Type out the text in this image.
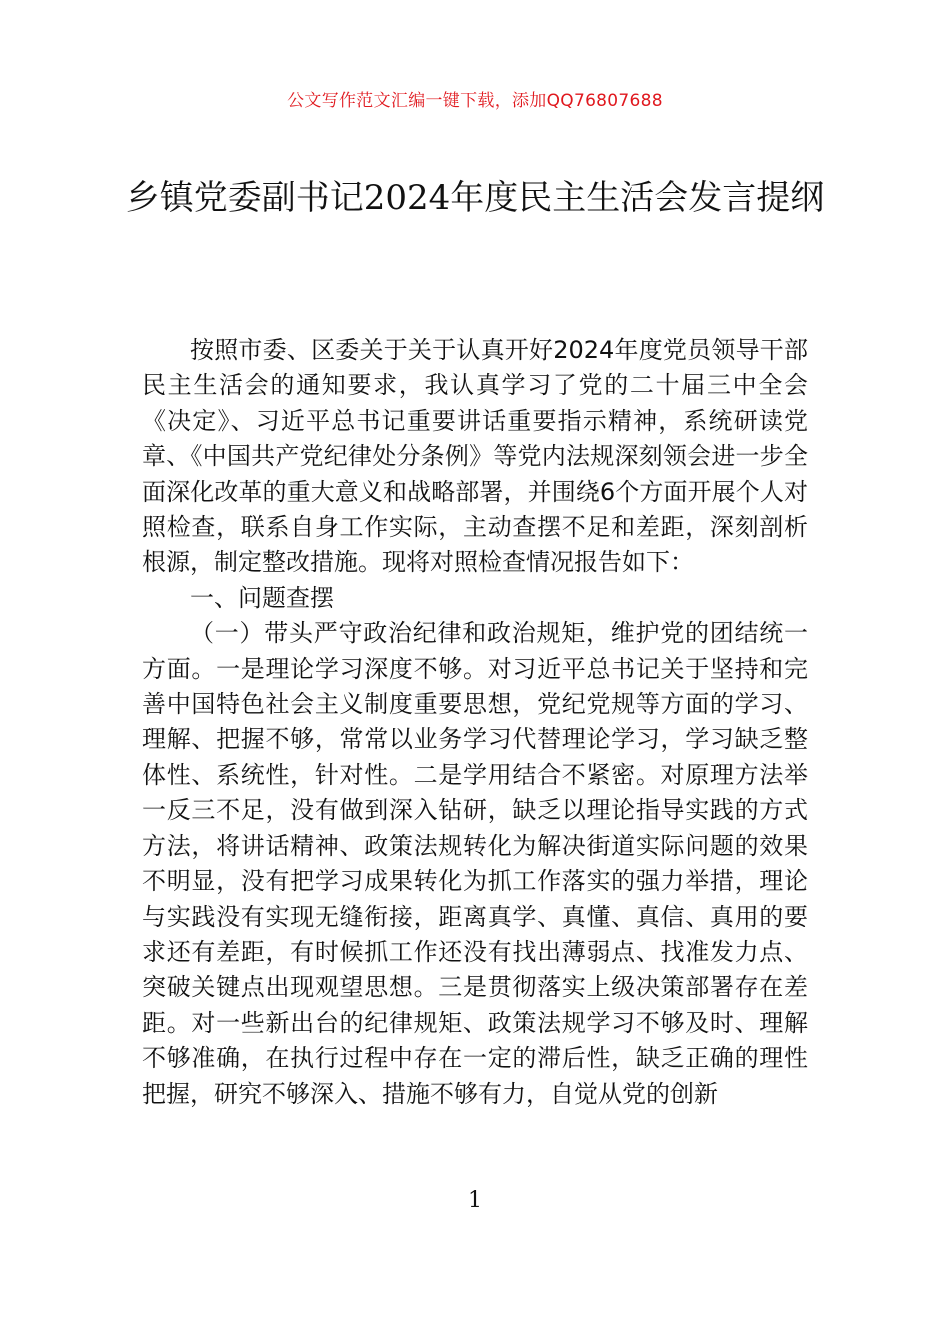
公文写作范文汇编一键下载，添加QQ76807688
乡镇党委副书记2024年度民主生活会发言提纲

按照市委、区委关于关于认真开好2024年度党员领导干部民主生活会的通知要求，我认真学习了党的二十届三中全会《决定》、习近平总书记重要讲话重要指示精神，系统研读党章、《中国共产党纪律处分条例》等党内法规深刻领会进一步全面深化改革的重大意义和战略部署，并围绕6个方面开展个人对照检查，联系自身工作实际，主动查摆不足和差距，深刻剖析根源，制定整改措施。现将对照检查情况报告如下：

一、问题查摆

（一）带头严守政治纪律和政治规矩，维护党的团结统一方面。一是理论学习深度不够。对习近平总书记关于坚持和完善中国特色社会主义制度重要思想，党纪党规等方面的学习、理解、把握不够，常常以业务学习代替理论学习，学习缺乏整体性、系统性，针对性。二是学用结合不紧密。对原理方法举一反三不足，没有做到深入钻研，缺乏以理论指导实践的方式方法，将讲话精神、政策法规转化为解决街道实际问题的效果不明显，没有把学习成果转化为抓工作落实的强力举措，理论与实践没有实现无缝衔接，距离真学、真懂、真信、真用的要求还有差距，有时候抓工作还没有找出薄弱点、找准发力点、突破关键点出现观望思想。三是贯彻落实上级决策部署存在差距。对一些新出台的纪律规矩、政策法规学习不够及时、理解不够准确，在执行过程中存在一定的滞后性，缺乏正确的理性把握，研究不够深入、措施不够有力，自觉从党的创新

1
